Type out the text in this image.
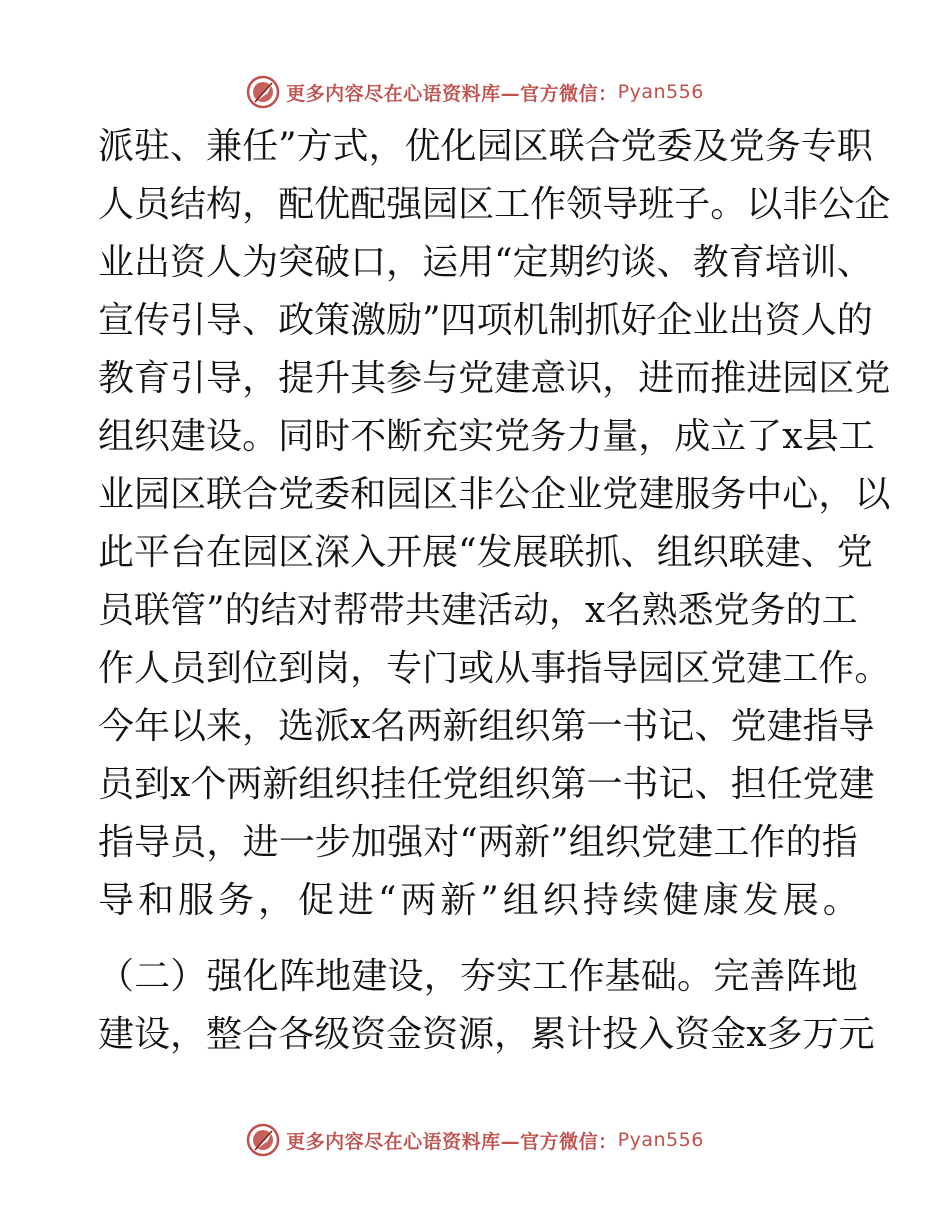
更多内容尽在心语资料库—官方微信： Pyan556
派 驻 、 兼 任 ” 方 式 ， 优 化 园 区 联 合 党 委 及 党 务 专 职
人 员 结 构 ， 配 优 配 强 园 区 工 作 领 导 班 子 。 以 非 公 企
业 出 资 人 为 突 破 口 ， 运 用 “ 定 期 约 谈 、 教 育 培 训 、
宣 传 引 导 、 政 策 激 励 ” 四 项 机 制 抓 好 企 业 出 资 人 的
教 育 引 导 ， 提 升 其 参 与 党 建 意 识 ， 进 而 推 进 园 区 党
组 织 建 设 。 同 时 不 断 充 实 党 务 力 量 ， 成 立 了 x 县 工
业 园 区 联 合 党 委 和 园 区 非 公 企 业 党 建 服 务 中 心 ， 以
此 平 台 在 园 区 深 入 开 展 “ 发 展 联 抓 、 组 织 联 建 、 党
员 联 管 ” 的 结 对 帮 带 共 建 活 动 ， x 名 熟 悉 党 务 的 工
作 人 员 到 位 到 岗 ， 专 门 或 从 事 指 导 园 区 党 建 工 作 。
今 年 以 来 ， 选 派 x 名 两 新 组 织 第 一 书 记 、 党 建 指 导
员 到 x 个 两 新 组 织 挂 任 党 组 织 第 一 书 记 、 担 任 党 建
指 导 员 ， 进 一 步 加 强 对 “ 两 新 ” 组 织 党 建 工 作 的 指
导和服务，促进“两新”组织持续健康发展。
（ 二 ） 强 化 阵 地 建 设 ， 夯 实 工 作 基 础 。 完 善 阵 地
建 设 ， 整 合 各 级 资 金 资 源 ， 累 计 投 入 资 金 x 多 万 元
更多内容尽在心语资料库—官方微信： Pyan556
